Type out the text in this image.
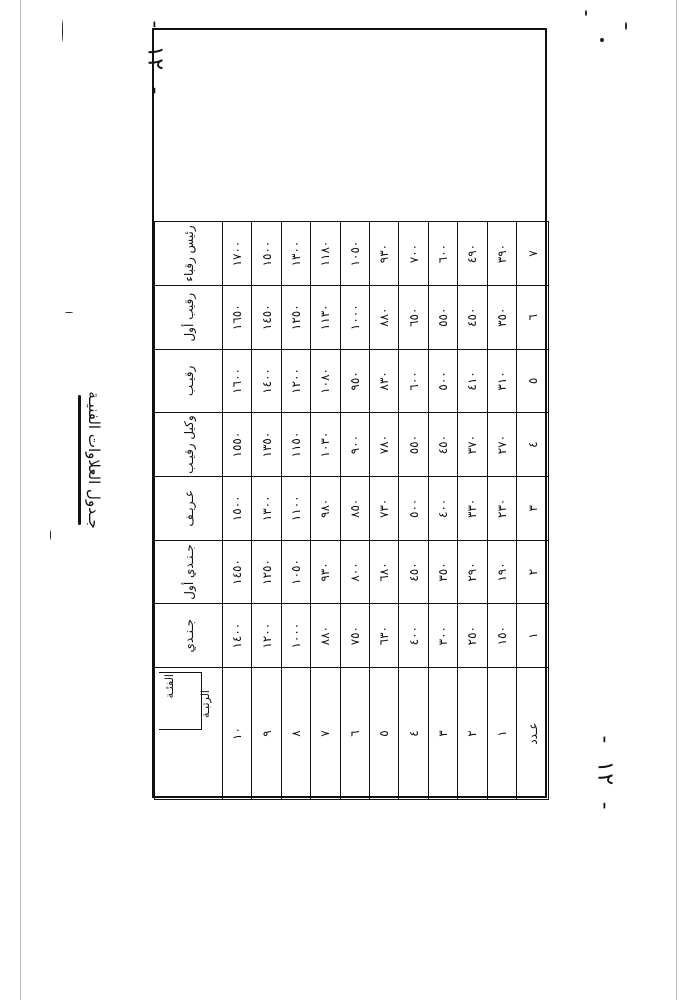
- ١٢ -
جـدول العلاوات الفنيـة
الفئـة
الرتبـة	جـنـدي	جـنـدي أول	عـريـف	وكيل رقيـب	رقيـب	رقيب أول	رئيس رقباء
١٠	١٤٠٠	١٤٥٠	١٥٠٠	١٥٥٠	١٦٠٠	١٦٥٠	١٧٠٠
٩	١٢٠٠	١٢٥٠	١٣٠٠	١٣٥٠	١٤٠٠	١٤٥٠	١٥٠٠
٨	١٠٠٠	١٠٥٠	١١٠٠	١١٥٠	١٢٠٠	١٢٥٠	١٣٠٠
٧	٨٨٠	٩٣٠	٩٨٠	١٠٣٠	١٠٨٠	١١٣٠	١١٨٠
٦	٧٥٠	٨٠٠	٨٥٠	٩٠٠	٩٥٠	١٠٠٠	١٠٥٠
٥	٦٣٠	٦٨٠	٧٣٠	٧٨٠	٨٣٠	٨٨٠	٩٣٠
٤	٤٠٠	٤٥٠	٥٠٠	٥٥٠	٦٠٠	٦٥٠	٧٠٠
٣	٣٠٠	٣٥٠	٤٠٠	٤٥٠	٥٠٠	٥٥٠	٦٠٠
٢	٢٥٠	٢٩٠	٣٣٠	٣٧٠	٤١٠	٤٥٠	٤٩٠
١	١٥٠	١٩٠	٢٣٠	٢٧٠	٣١٠	٣٥٠	٣٩٠
عـدد	١	٢	٣	٤	٥	٦	٧
- ١٢ -
